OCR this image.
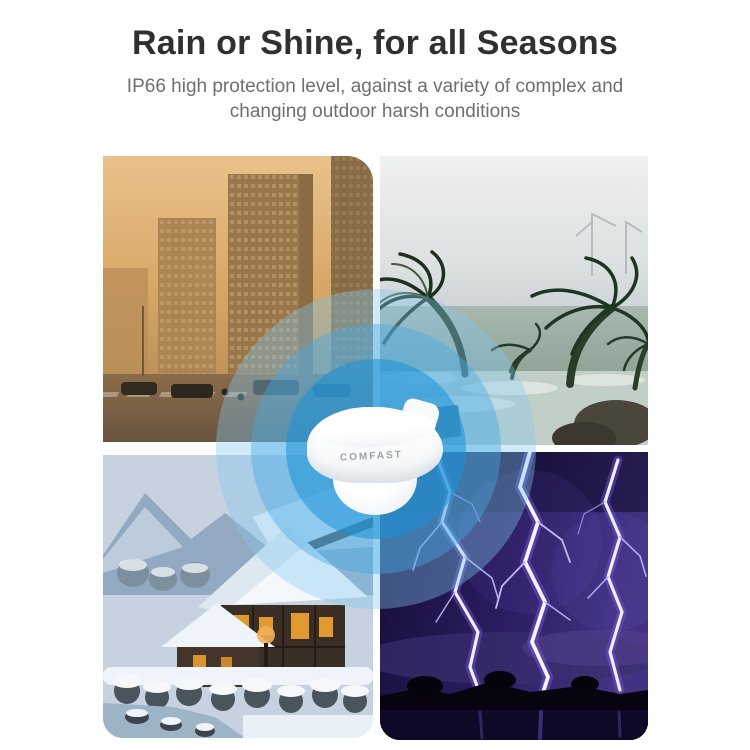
Rain or Shine, for all Seasons
IP66 high protection level, against a variety of complex and
changing outdoor harsh conditions
COMFAST
